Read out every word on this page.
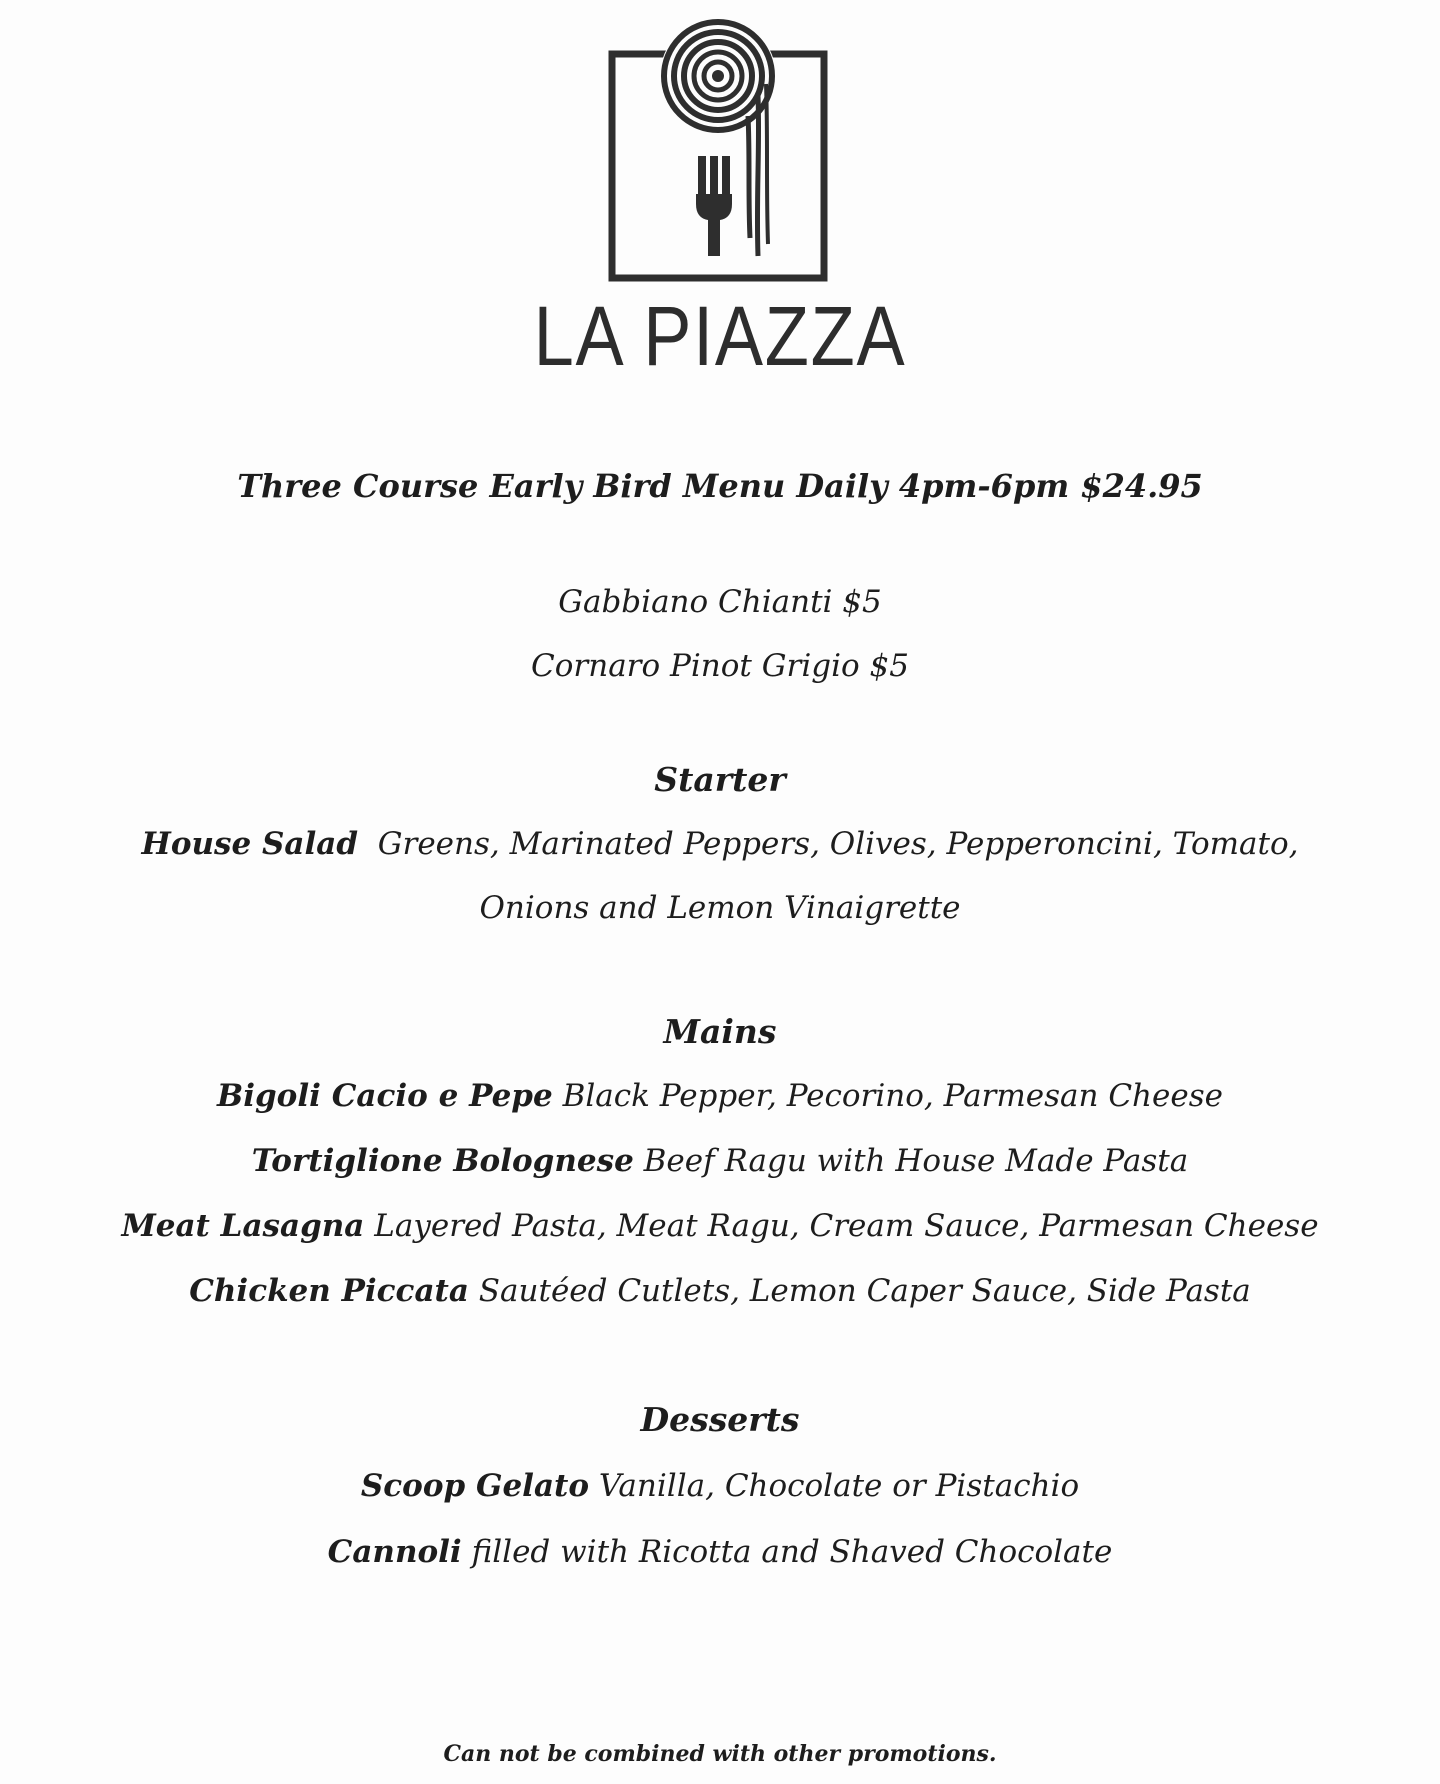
LA PIAZZA
Three Course Early Bird Menu Daily 4pm-6pm $24.95
Gabbiano Chianti $5
Cornaro Pinot Grigio $5
Starter
House Salad Greens, Marinated Peppers, Olives, Pepperoncini, Tomato,
Onions and Lemon Vinaigrette
Mains
Bigoli Cacio e Pepe Black Pepper, Pecorino, Parmesan Cheese
Tortiglione Bolognese Beef Ragu with House Made Pasta
Meat Lasagna Layered Pasta, Meat Ragu, Cream Sauce, Parmesan Cheese
Chicken Piccata Sautéed Cutlets, Lemon Caper Sauce, Side Pasta
Desserts
Scoop Gelato Vanilla, Chocolate or Pistachio
Cannoli filled with Ricotta and Shaved Chocolate
Can not be combined with other promotions.
